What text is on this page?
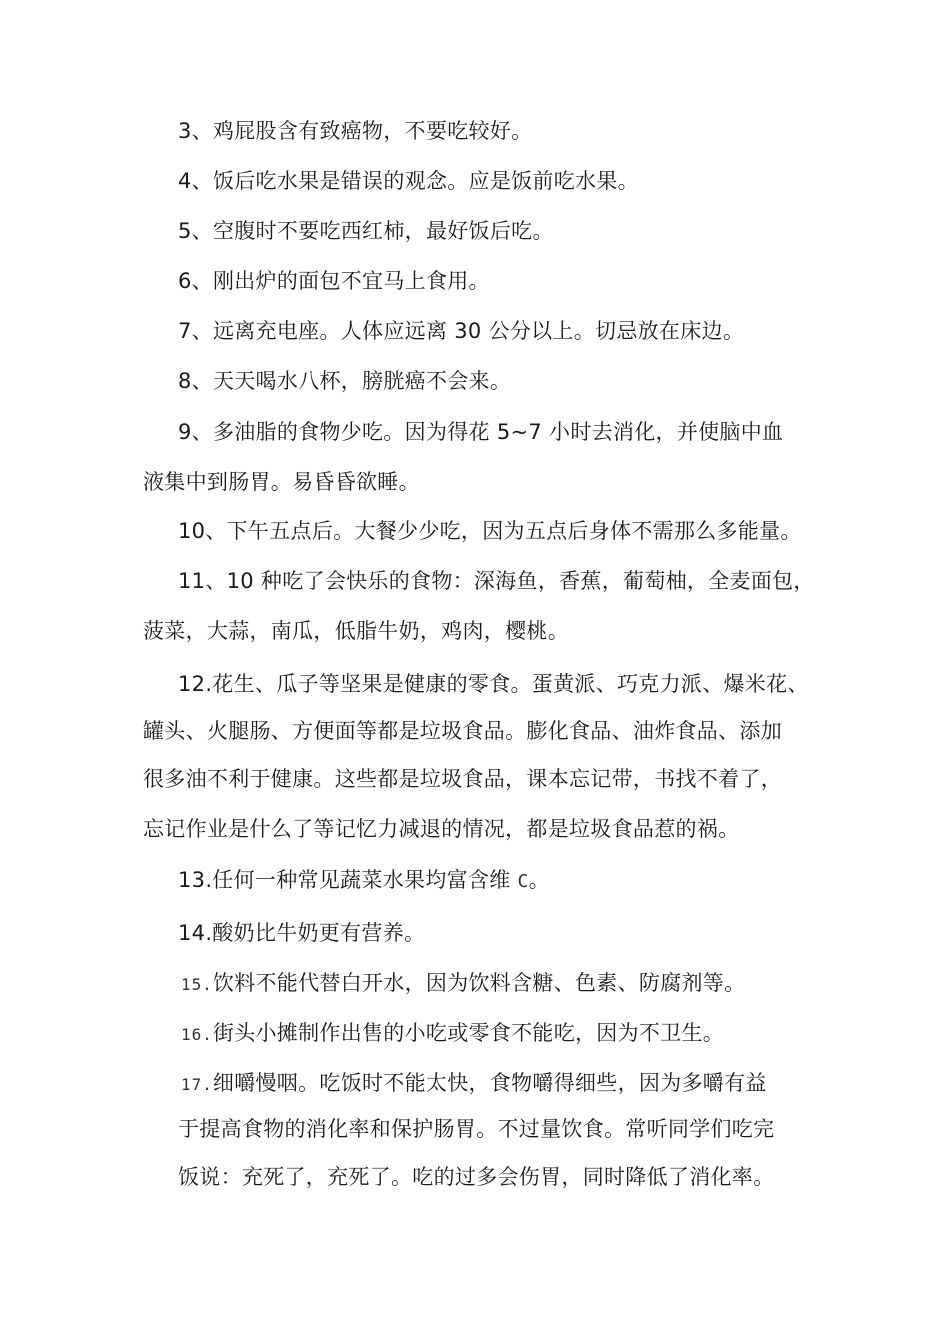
3、鸡屁股含有致癌物，不要吃较好。
4、饭后吃水果是错误的观念。应是饭前吃水果。
5、空腹时不要吃西红柿，最好饭后吃。
6、刚出炉的面包不宜马上食用。
7、远离充电座。人体应远离 30 公分以上。切忌放在床边。
8、天天喝水八杯，膀胱癌不会来。
9、多油脂的食物少吃。因为得花 5~7 小时去消化，并使脑中血
液集中到肠胃。易昏昏欲睡。
10、下午五点后。大餐少少吃，因为五点后身体不需那么多能量。
11、10 种吃了会快乐的食物：深海鱼，香蕉，葡萄柚，全麦面包，
菠菜，大蒜，南瓜，低脂牛奶，鸡肉，樱桃。
12.花生、瓜子等坚果是健康的零食。蛋黄派、巧克力派、爆米花、
罐头、火腿肠、方便面等都是垃圾食品。膨化食品、油炸食品、添加
很多油不利于健康。这些都是垃圾食品，课本忘记带，书找不着了，
忘记作业是什么了等记忆力减退的情况，都是垃圾食品惹的祸。
13.任何一种常见蔬菜水果均富含维 C。
14.酸奶比牛奶更有营养。
15.饮料不能代替白开水，因为饮料含糖、色素、防腐剂等。
16.街头小摊制作出售的小吃或零食不能吃，因为不卫生。
17.细嚼慢咽。吃饭时不能太快，食物嚼得细些，因为多嚼有益
于提高食物的消化率和保护肠胃。不过量饮食。常听同学们吃完
饭说：充死了，充死了。吃的过多会伤胃，同时降低了消化率。
